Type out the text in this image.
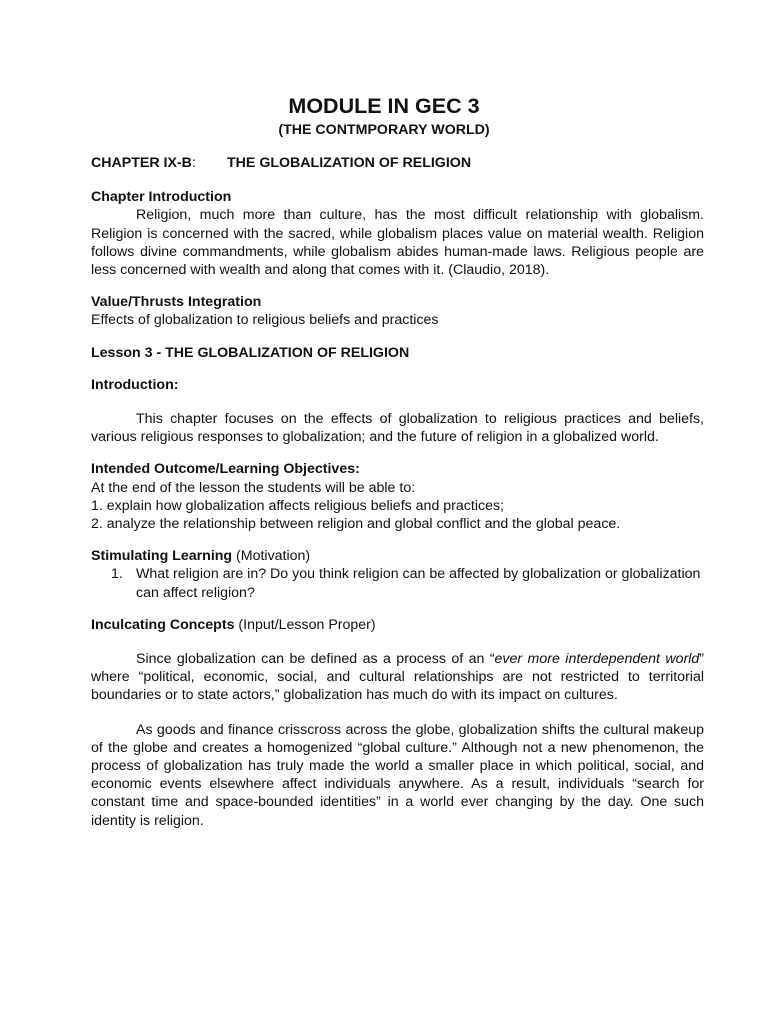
MODULE IN GEC 3
(THE CONTMPORARY WORLD)
CHAPTER IX-B:	THE GLOBALIZATION OF RELIGION

Chapter Introduction

Religion, much more than culture, has the most difficult relationship with globalism. Religion is concerned with the sacred, while globalism places value on material wealth. Religion follows divine commandments, while globalism abides human-made laws. Religious people are less concerned with wealth and along that comes with it. (Claudio, 2018).

Value/Thrusts Integration

Effects of globalization to religious beliefs and practices

Lesson 3 - THE GLOBALIZATION OF RELIGION

Introduction:

This chapter focuses on the effects of globalization to religious practices and beliefs, various religious responses to globalization; and the future of religion in a globalized world.

Intended Outcome/Learning Objectives:

At the end of the lesson the students will be able to:

1. explain how globalization affects religious beliefs and practices;

2. analyze the relationship between religion and global conflict and the global peace.

Stimulating Learning (Motivation)

1. What religion are in? Do you think religion can be affected by globalization or globalization can affect religion?

Inculcating Concepts (Input/Lesson Proper)

Since globalization can be defined as a process of an “ever more interdependent world” where “political, economic, social, and cultural relationships are not restricted to territorial boundaries or to state actors,” globalization has much do with its impact on cultures.

As goods and finance crisscross across the globe, globalization shifts the cultural makeup of the globe and creates a homogenized “global culture.” Although not a new phenomenon, the process of globalization has truly made the world a smaller place in which political, social, and economic events elsewhere affect individuals anywhere. As a result, individuals “search for constant time and space-bounded identities” in a world ever changing by the day. One such identity is religion.
